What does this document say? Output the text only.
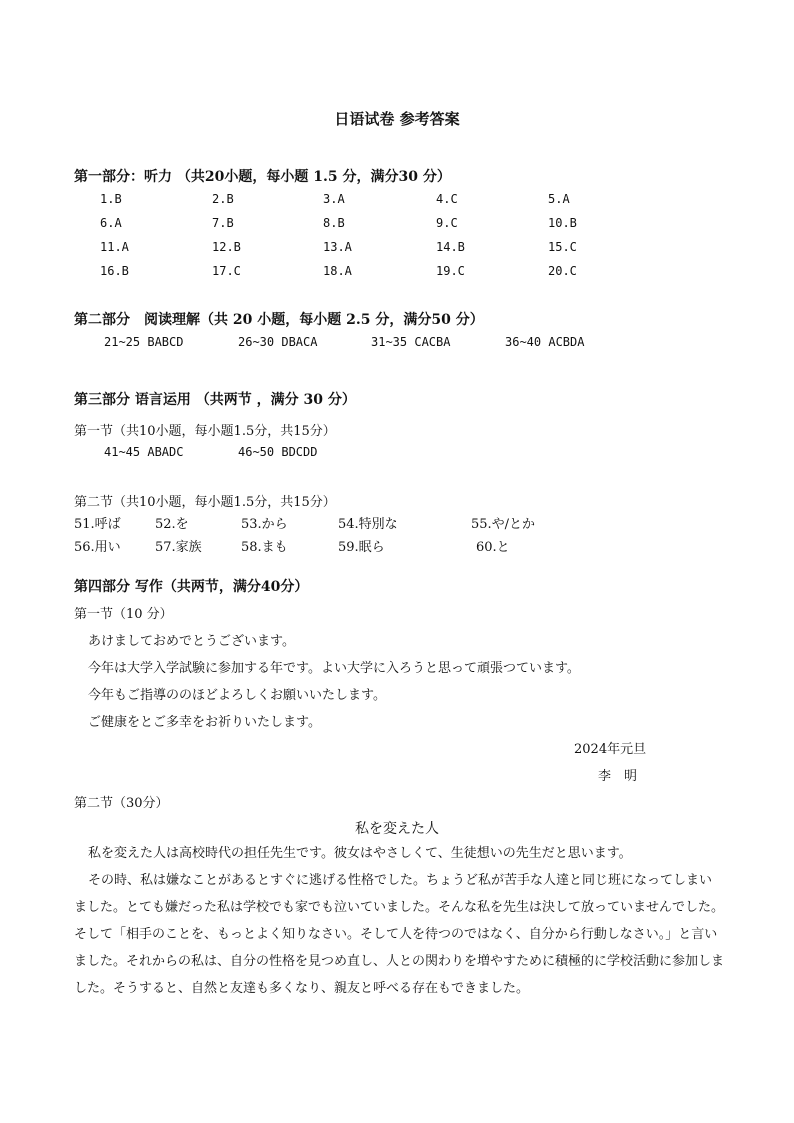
日语试卷 参考答案
第一部分：听力 （共20小题，每小题 1.5 分，满分30 分）
1.B	2.B	3.A	4.C	5.A
6.A	7.B	8.B	9.C	10.B
11.A	12.B	13.A	14.B	15.C
16.B	17.C	18.A	19.C	20.C
第二部分　阅读理解（共 20 小题，每小题 2.5 分，满分50 分）
21~25 BABCD	26~30 DBACA	31~35 CACBA	36~40 ACBDA
第三部分 语言运用 （共两节 ，满分 30 分）
第一节（共10小题，每小题1.5分，共15分）
41~45 ABADC	46~50 BDCDD
第二节（共10小题，每小题1.5分，共15分）
51.呼ば	52.を	53.から	54.特別な	55.や/とか
56.用い	57.家族	58.まも	59.眠ら	60.と
第四部分 写作（共两节，满分40分）
第一节（10 分）
あけましておめでとうございます。
今年は大学入学試験に参加する年です。よい大学に入ろうと思って頑張つています。
今年もご指導ののほどよろしくお願いいたします。
ご健康をとご多幸をお祈りいたします。
2024年元旦
李　明
第二节（30分）
私を変えた人

私を変えた人は高校時代の担任先生です。彼女はやさしくて、生徒想いの先生だと思います。

その時、私は嫌なことがあるとすぐに逃げる性格でした。ちょうど私が苦手な人達と同じ班になってしまいました。とても嫌だった私は学校でも家でも泣いていました。そんな私を先生は決して放っていませんでした。そして「相手のことを、もっとよく知りなさい。そして人を待つのではなく、自分から行動しなさい。」と言いました。それからの私は、自分の性格を見つめ直し、人との関わりを増やすために積極的に学校活動に参加しました。そうすると、自然と友達も多くなり、親友と呼べる存在もできました。
